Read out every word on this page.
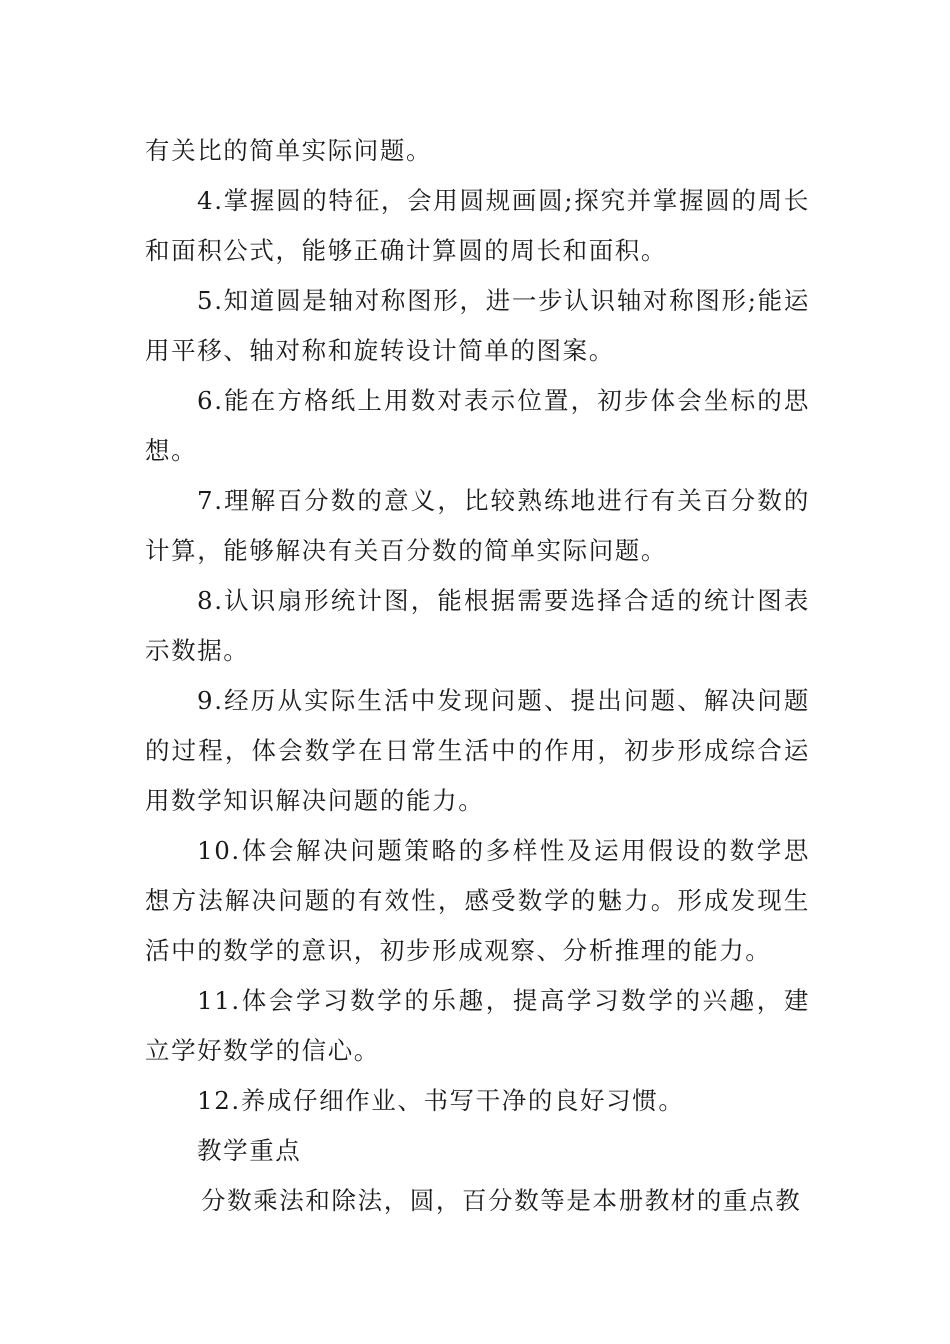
有关比的简单实际问题。

4.掌握圆的特征，会用圆规画圆;探究并掌握圆的周长和面积公式，能够正确计算圆的周长和面积。

5.知道圆是轴对称图形，进一步认识轴对称图形;能运用平移、轴对称和旋转设计简单的图案。

6.能在方格纸上用数对表示位置，初步体会坐标的思想。

7.理解百分数的意义，比较熟练地进行有关百分数的计算，能够解决有关百分数的简单实际问题。

8.认识扇形统计图，能根据需要选择合适的统计图表示数据。

9.经历从实际生活中发现问题、提出问题、解决问题的过程，体会数学在日常生活中的作用，初步形成综合运用数学知识解决问题的能力。

10.体会解决问题策略的多样性及运用假设的数学思想方法解决问题的有效性，感受数学的魅力。形成发现生活中的数学的意识，初步形成观察、分析推理的能力。

11.体会学习数学的乐趣，提高学习数学的兴趣，建立学好数学的信心。

12.养成仔细作业、书写干净的良好习惯。

教学重点

分数乘法和除法，圆，百分数等是本册教材的重点教
